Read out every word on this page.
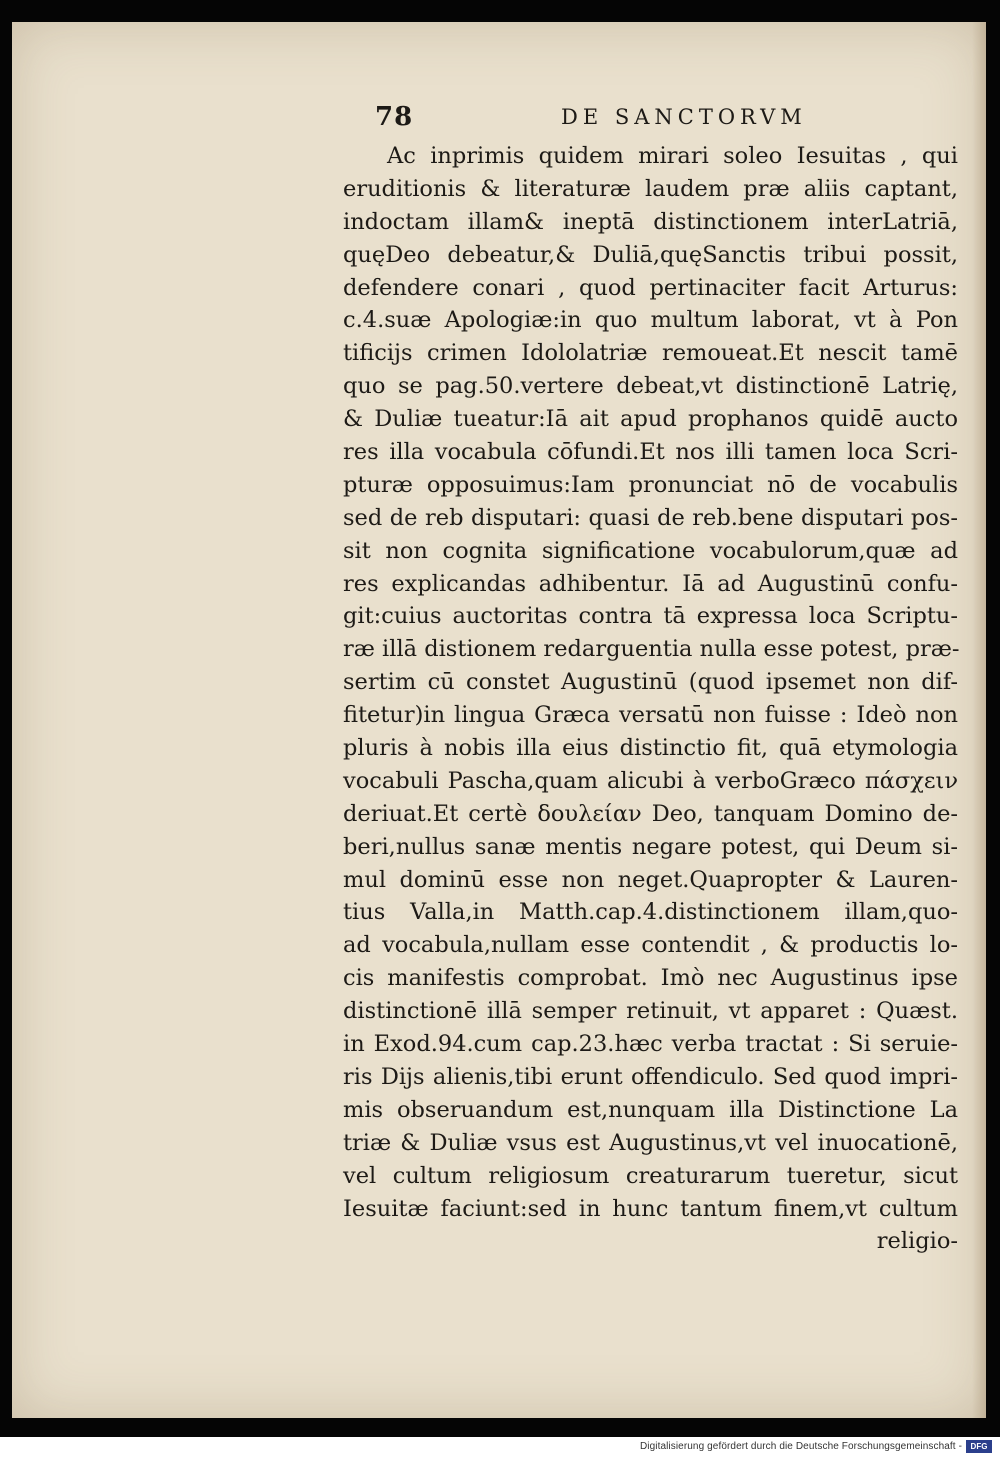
78	DE SANCTORVM
Ac inprimis quidem mirari soleo Iesuitas , qui
eruditionis & literaturæ laudem præ aliis captant,
indoctam illam& ineptā distinctionem interLatriā,
quęDeo debeatur,& Duliā,quęSanctis tribui possit,
defendere conari , quod pertinaciter facit Arturus:
c.4.suæ Apologiæ:in quo multum laborat, vt à Pon
tificijs crimen Idololatriæ remoueat.Et nescit tamē
quo se pag.50.vertere debeat,vt distinctionē Latrię,
& Duliæ tueatur:Iā ait apud prophanos quidē aucto
res illa vocabula cōfundi.Et nos illi tamen loca Scri-
pturæ opposuimus:Iam pronunciat nō de vocabulis
sed de reb disputari: quasi de reb.bene disputari pos-
sit non cognita significatione vocabulorum,quæ ad
res explicandas adhibentur. Iā ad Augustinū confu-
git:cuius auctoritas contra tā expressa loca Scriptu-
ræ illā distionem redarguentia nulla esse potest, præ-
sertim cū constet Augustinū (quod ipsemet non dif-
fitetur)in lingua Græca versatū non fuisse : Ideò non
pluris à nobis illa eius distinctio fit, quā etymologia
vocabuli Pascha,quam alicubi à verboGræco πάσχειν
deriuat.Et certè δουλείαν Deo, tanquam Domino de-
beri,nullus sanæ mentis negare potest, qui Deum si-
mul dominū esse non neget.Quapropter & Lauren-
tius Valla,in Matth.cap.4.distinctionem illam,quo-
ad vocabula,nullam esse contendit , & productis lo-
cis manifestis comprobat. Imò nec Augustinus ipse
distinctionē illā semper retinuit, vt apparet : Quæst.
in Exod.94.cum cap.23.hæc verba tractat : Si seruie-
ris Dijs alienis,tibi erunt offendiculo. Sed quod impri-
mis obseruandum est,nunquam illa Distinctione La
triæ & Duliæ vsus est Augustinus,vt vel inuocationē,
vel cultum religiosum creaturarum tueretur, sicut
Iesuitæ faciunt:sed in hunc tantum finem,vt cultum
religio-
Digitalisierung gefördert durch die Deutsche Forschungsgemeinschaft -	DFG
